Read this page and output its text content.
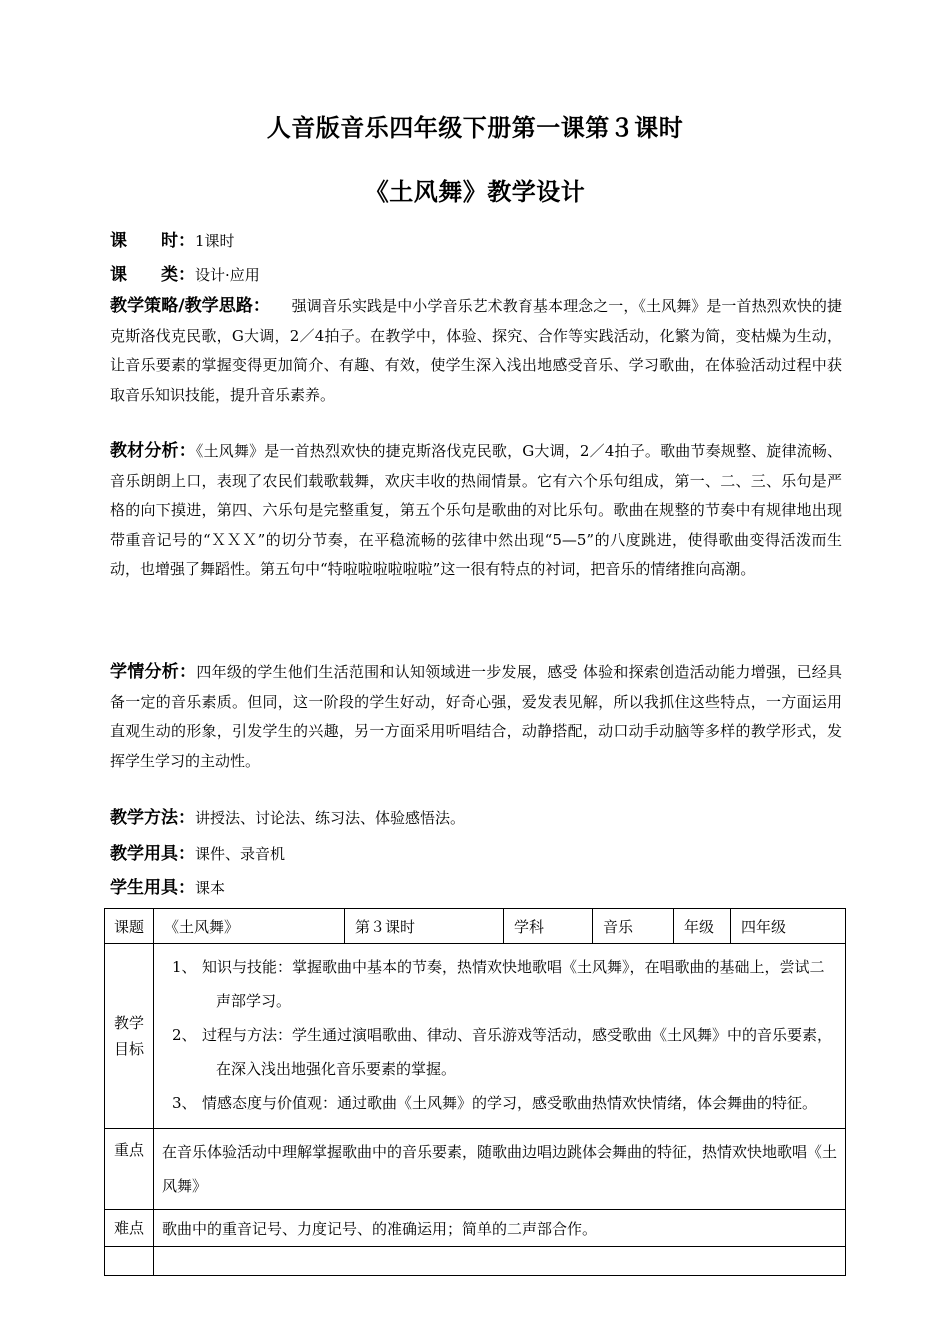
人音版音乐四年级下册第一课第３课时
《土风舞》教学设计
课　　时：1课时
课　　类：设计·应用
教学策略/教学思路：　　强调音乐实践是中小学音乐艺术教育基本理念之一，《土风舞》是一首热烈欢快的捷克斯洛伐克民歌，G大调，2／4拍子。在教学中，体验、探究、合作等实践活动，化繁为简，变枯燥为生动，让音乐要素的掌握变得更加简介、有趣、有效，使学生深入浅出地感受音乐、学习歌曲，在体验活动过程中获取音乐知识技能，提升音乐素养。
教材分析：《土风舞》是一首热烈欢快的捷克斯洛伐克民歌，G大调，2／4拍子。歌曲节奏规整、旋律流畅、音乐朗朗上口，表现了农民们载歌载舞，欢庆丰收的热闹情景。它有六个乐句组成，第一、二、三、乐句是严格的向下摸进，第四、六乐句是完整重复，第五个乐句是歌曲的对比乐句。歌曲在规整的节奏中有规律地出现带重音记号的“ＸＸＸ”的切分节奏，在平稳流畅的弦律中然出现“5—5”的八度跳进，使得歌曲变得活泼而生动，也增强了舞蹈性。第五句中“特啦啦啦啦啦啦”这一很有特点的衬词，把音乐的情绪推向高潮。
学情分析：四年级的学生他们生活范围和认知领域进一步发展，感受 体验和探索创造活动能力增强，已经具备一定的音乐素质。但同，这一阶段的学生好动，好奇心强，爱发表见解，所以我抓住这些特点，一方面运用直观生动的形象，引发学生的兴趣，另一方面采用听唱结合，动静搭配，动口动手动脑等多样的教学形式，发挥学生学习的主动性。
教学方法：讲授法、讨论法、练习法、体验感悟法。
教学用具：课件、录音机
学生用具：课本
课题	《土风舞》	第３课时	学科	音乐	年级	四年级
教学目标	1、 知识与技能：掌握歌曲中基本的节奏，热情欢快地歌唱《土风舞》，在唱歌曲的基础上，尝试二声部学习。
2、 过程与方法：学生通过演唱歌曲、律动、音乐游戏等活动，感受歌曲《土风舞》中的音乐要素，在深入浅出地强化音乐要素的掌握。
3、 情感态度与价值观：通过歌曲《土风舞》的学习，感受歌曲热情欢快情绪，体会舞曲的特征。					

重点	在音乐体验活动中理解掌握歌曲中的音乐要素，随歌曲边唱边跳体会舞曲的特征，热情欢快地歌唱《土风舞》					
难点	歌曲中的重音记号、力度记号、的准确运用；简单的二声部合作。					
